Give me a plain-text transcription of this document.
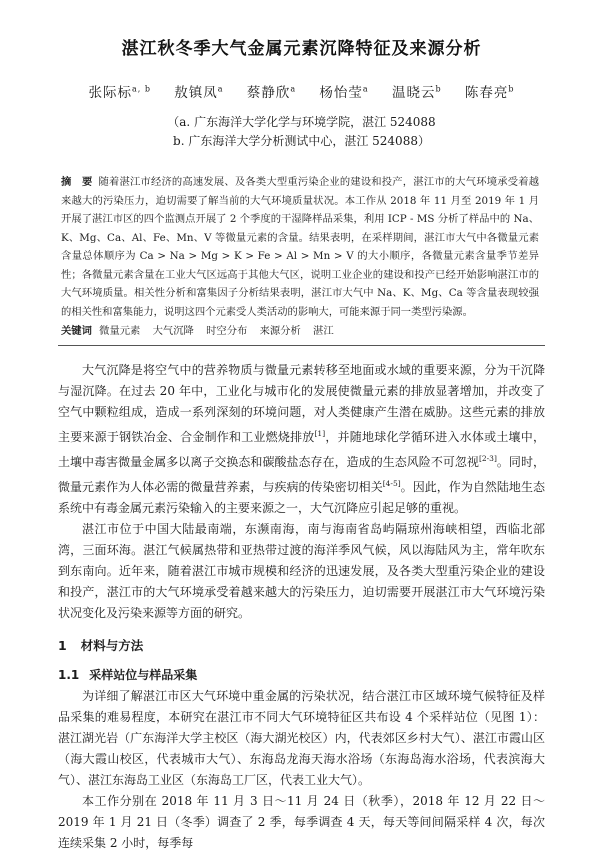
湛江秋冬季大气金属元素沉降特征及来源分析
张际标$^{a, b}$ 敖镇凤$^a$ 蔡静欣$^a$ 杨怡莹$^a$ 温晓云$^b$ 陈春亮$^b$
（a. 广东海洋大学化学与环境学院，湛江 524088
b. 广东海洋大学分析测试中心，湛江 524088）
摘　要 随着湛江市经济的高速发展、及各类大型重污染企业的建设和投产，湛江市的大气环境承受着越来越大的污染压力，迫切需要了解当前的大气环境质量状况。本工作从 2018 年 11 月至 2019 年 1 月开展了湛江市区的四个监测点开展了 2 个季度的干湿降样品采集，利用 ICP - MS 分析了样品中的 Na、K、Mg、Ca、Al、Fe、Mn、V 等微量元素的含量。结果表明，在采样期间，湛江市大气中各微量元素含量总体顺序为 Ca > Na > Mg > K > Fe > Al > Mn > V 的大小顺序，各微量元素含量季节差异性；各微量元素含量在工业大气区远高于其他大气区，说明工业企业的建设和投产已经开始影响湛江市的大气环境质量。相关性分析和富集因子分析结果表明，湛江市大气中 Na、K、Mg、Ca 等含量表现较强的相关性和富集能力，说明这四个元素受人类活动的影响大，可能来源于同一类型污染源。
关键词 微量元素 大气沉降 时空分布 来源分析 湛江

大气沉降是将空气中的营养物质与微量元素转移至地面或水域的重要来源，分为干沉降与湿沉降。在过去 20 年中，工业化与城市化的发展使微量元素的排放显著增加，并改变了空气中颗粒组成，造成一系列深刻的环境问题，对人类健康产生潜在威胁。这些元素的排放主要来源于钢铁冶金、合金制作和工业燃烧排放[1]，并随地球化学循环进入水体或土壤中，土壤中毒害微量金属多以离子交换态和碳酸盐态存在，造成的生态风险不可忽视[2-3]。同时，微量元素作为人体必需的微量营养素，与疾病的传染密切相关[4-5]。因此，作为自然陆地生态系统中有毒金属元素污染输入的主要来源之一，大气沉降应引起足够的重视。

湛江市位于中国大陆最南端，东濒南海，南与海南省岛屿隔琼州海峡相望，西临北部湾，三面环海。湛江气候属热带和亚热带过渡的海洋季风气候，风以海陆风为主，常年吹东到东南向。近年来，随着湛江市城市规模和经济的迅速发展，及各类大型重污染企业的建设和投产，湛江市的大气环境承受着越来越大的污染压力，迫切需要开展湛江市大气环境污染状况变化及污染来源等方面的研究。

1 材料与方法
1.1 采样站位与样品采集

为详细了解湛江市区大气环境中重金属的污染状况，结合湛江市区域环境气候特征及样品采集的难易程度，本研究在湛江市不同大气环境特征区共布设 4 个采样站位（见图 1）：湛江湖光岩（广东海洋大学主校区（海大湖光校区）内，代表郊区乡村大气）、湛江市霞山区（海大霞山校区，代表城市大气）、东海岛龙海天海水浴场（东海岛海水浴场，代表滨海大气）、湛江东海岛工业区（东海岛工厂区，代表工业大气）。

本工作分别在 2018 年 11 月 3 日～11 月 24 日（秋季），2018 年 12 月 22 日～2019 年 1 月 21 日（冬季）调查了 2 季，每季调查 4 天，每天等间间隔采样 4 次，每次连续采集 2 小时，每季每
